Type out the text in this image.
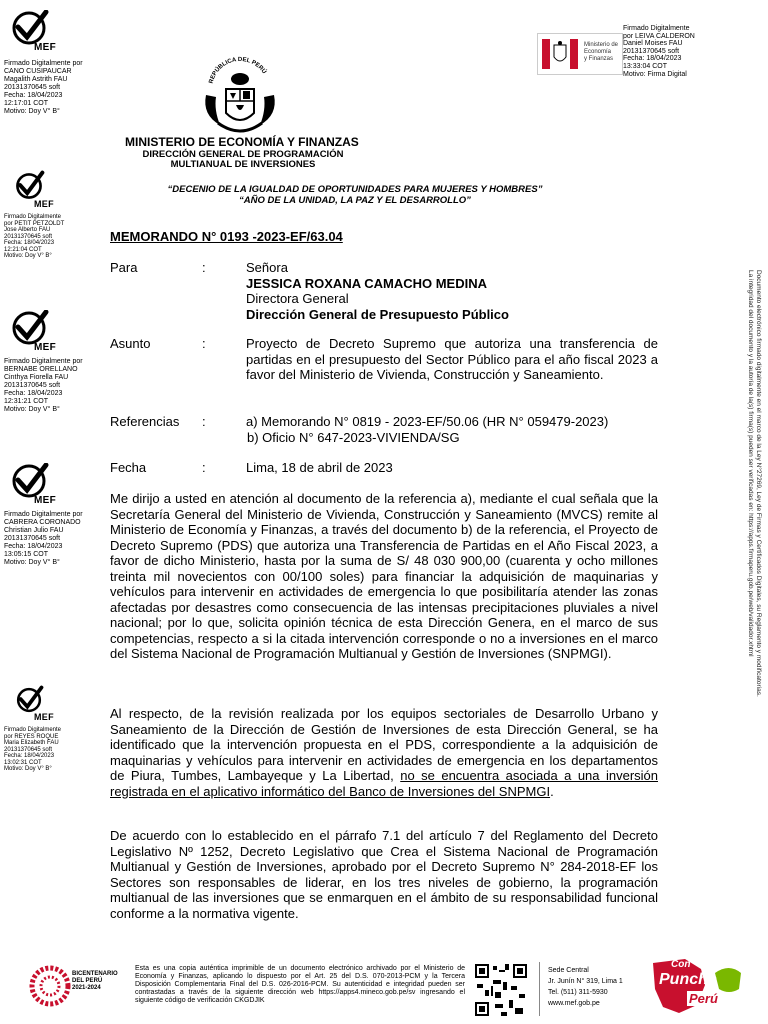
MEF
Firmado Digitalmente por
CANO CUSIPAUCAR
Magalith Astrith FAU
20131370645 soft
Fecha: 18/04/2023
12:17:01 COT
Motivo: Doy V° B°
MEF
Firmado Digitalmente
por PETIT PETZOLDT
Jose Alberto FAU
20131370645 soft
Fecha: 18/04/2023
12:21:04 COT
Motivo: Doy V° B°
MEF
Firmado Digitalmente por
BERNABE ORELLANO
Cinthya Fiorella FAU
20131370645 soft
Fecha: 18/04/2023
12:31:21 COT
Motivo: Doy V° B°
MEF
Firmado Digitalmente por
CABRERA CORONADO
Christian Julio FAU
20131370645 soft
Fecha: 18/04/2023
13:05:15 COT
Motivo: Doy V° B°
MEF
Firmado Digitalmente
por REYES ROQUE
Maria Elizabeth FAU
20131370645 soft
Fecha: 18/04/2023
13:02:31 COT
Motivo: Doy V° B°
REPÚBLICA DEL PERÚ
MINISTERIO DE ECONOMÍA Y FINANZAS
DIRECCIÓN GENERAL DE PROGRAMACIÓN
MULTIANUAL DE INVERSIONES
Ministerio de
Economía
y Finanzas
Firmado Digitalmente
por LEIVA CALDERON
Daniel Moises FAU
20131370645 soft
Fecha: 18/04/2023
13:33:04 COT
Motivo: Firma Digital
“DECENIO DE LA IGUALDAD DE OPORTUNIDADES PARA MUJERES Y HOMBRES”
“AÑO DE LA UNIDAD, LA PAZ Y EL DESARROLLO”
MEMORANDO N° 0193 -2023-EF/63.04
Para	:	Señora
JESSICA ROXANA CAMACHO MEDINA
Directora General
Dirección General de Presupuesto Público
Asunto	:	Proyecto de Decreto Supremo que autoriza una transferencia de partidas en el presupuesto del Sector Público para el año fiscal 2023 a favor del Ministerio de Vivienda, Construcción y Saneamiento.
Referencias :	a) Memorando N° 0819 - 2023-EF/50.06 (HR N° 059479-2023)
b) Oficio N° 647-2023-VIVIENDA/SG
Fecha	:	Lima, 18 de abril de 2023
Me dirijo a usted en atención al documento de la referencia a), mediante el cual señala que la Secretaría General del Ministerio de Vivienda, Construcción y Saneamiento (MVCS) remite al Ministerio de Economía y Finanzas, a través del documento b) de la referencia, el Proyecto de Decreto Supremo (PDS) que autoriza una Transferencia de Partidas en el Año Fiscal 2023, a favor de dicho Ministerio, hasta por la suma de S/ 48 030 900,00 (cuarenta y ocho millones treinta mil novecientos con 00/100 soles) para financiar la adquisición de maquinarias y vehículos para intervenir en actividades de emergencia lo que posibilitaría atender las zonas afectadas por desastres como consecuencia de las intensas precipitaciones pluviales a nivel nacional; por lo que, solicita opinión técnica de esta Dirección Genera, en el marco de sus competencias, respecto a si la citada intervención corresponde o no a inversiones en el marco del Sistema Nacional de Programación Multianual y Gestión de Inversiones (SNPMGI).
Al respecto, de la revisión realizada por los equipos sectoriales de Desarrollo Urbano y Saneamiento de la Dirección de Gestión de Inversiones de esta Dirección General, se ha identificado que la intervención propuesta en el PDS, correspondiente a la adquisición de maquinarias y vehículos para intervenir en actividades de emergencia en los departamentos de Piura, Tumbes, Lambayeque y La Libertad, no se encuentra asociada a una inversión registrada en el aplicativo informático del Banco de Inversiones del SNPMGI.
De acuerdo con lo establecido en el párrafo 7.1 del artículo 7 del Reglamento del Decreto Legislativo Nº 1252, Decreto Legislativo que Crea el Sistema Nacional de Programación Multianual y Gestión de Inversiones, aprobado por el Decreto Supremo N° 284-2018-EF los Sectores son responsables de liderar, en los tres niveles de gobierno, la programación multianual de las inversiones que se enmarquen en el ámbito de su responsabilidad funcional conforme a la normativa vigente.
Documento electrónico firmado digitalmente en el marco de la Ley N°27269, Ley de Firmas y Certificados Digitales, su Reglamento y modificatorias.
La integridad del documento y la autoría de la(s) firma(s) pueden ser verificadas en: https://apps.firmaperu.gob.pe/web/validador.xhtml
BICENTENARIO
DEL PERÚ
2021-2024
Esta es una copia auténtica imprimible de un documento electrónico archivado por el Ministerio de Economía y Finanzas, aplicando lo dispuesto por el Art. 25 del D.S. 070-2013-PCM y la Tercera Disposición Complementaria Final del D.S. 026-2016-PCM. Su autenticidad e integridad pueden ser contrastadas a través de la siguiente dirección web https://apps4.mineco.gob.pe/sv ingresando el siguiente código de verificación CKGDJIK
Sede Central
Jr. Junín N° 319, Lima 1
Tel. (511) 311-5930
www.mef.gob.pe
Con
Punche
Perú
